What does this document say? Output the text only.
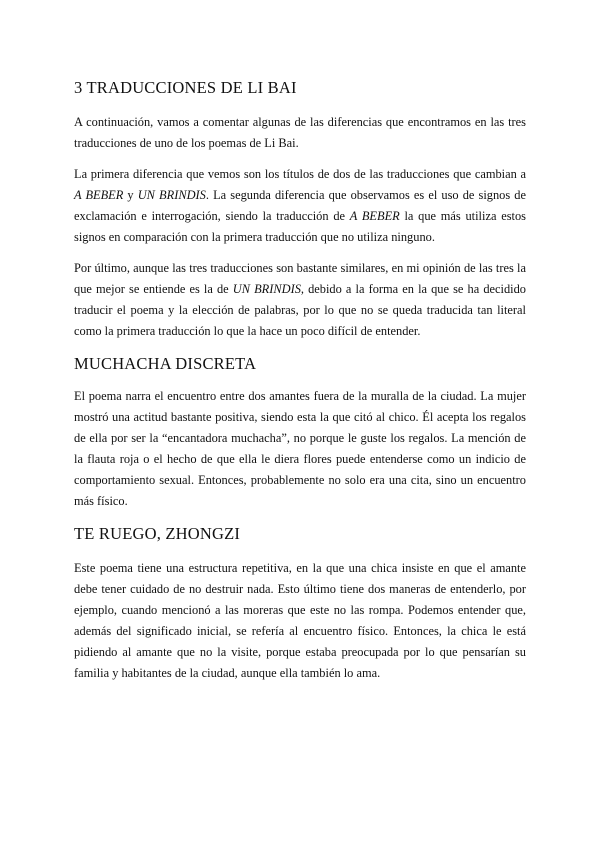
3 TRADUCCIONES DE LI BAI

A continuación, vamos a comentar algunas de las diferencias que encontramos en las tres traducciones de uno de los poemas de Li Bai.

La primera diferencia que vemos son los títulos de dos de las traducciones que cambian a A BEBER y UN BRINDIS. La segunda diferencia que observamos es el uso de signos de exclamación e interrogación, siendo la traducción de A BEBER la que más utiliza estos signos en comparación con la primera traducción que no utiliza ninguno.

Por último, aunque las tres traducciones son bastante similares, en mi opinión de las tres la que mejor se entiende es la de UN BRINDIS, debido a la forma en la que se ha decidido traducir el poema y la elección de palabras, por lo que no se queda traducida tan literal como la primera traducción lo que la hace un poco difícil de entender.

MUCHACHA DISCRETA

El poema narra el encuentro entre dos amantes fuera de la muralla de la ciudad. La mujer mostró una actitud bastante positiva, siendo esta la que citó al chico. Él acepta los regalos de ella por ser la “encantadora muchacha”, no porque le guste los regalos. La mención de la flauta roja o el hecho de que ella le diera flores puede entenderse como un indicio de comportamiento sexual. Entonces, probablemente no solo era una cita, sino un encuentro más físico.

TE RUEGO, ZHONGZI

Este poema tiene una estructura repetitiva, en la que una chica insiste en que el amante debe tener cuidado de no destruir nada. Esto último tiene dos maneras de entenderlo, por ejemplo, cuando mencionó a las moreras que este no las rompa. Podemos entender que, además del significado inicial, se refería al encuentro físico. Entonces, la chica le está pidiendo al amante que no la visite, porque estaba preocupada por lo que pensarían su familia y habitantes de la ciudad, aunque ella también lo ama.
